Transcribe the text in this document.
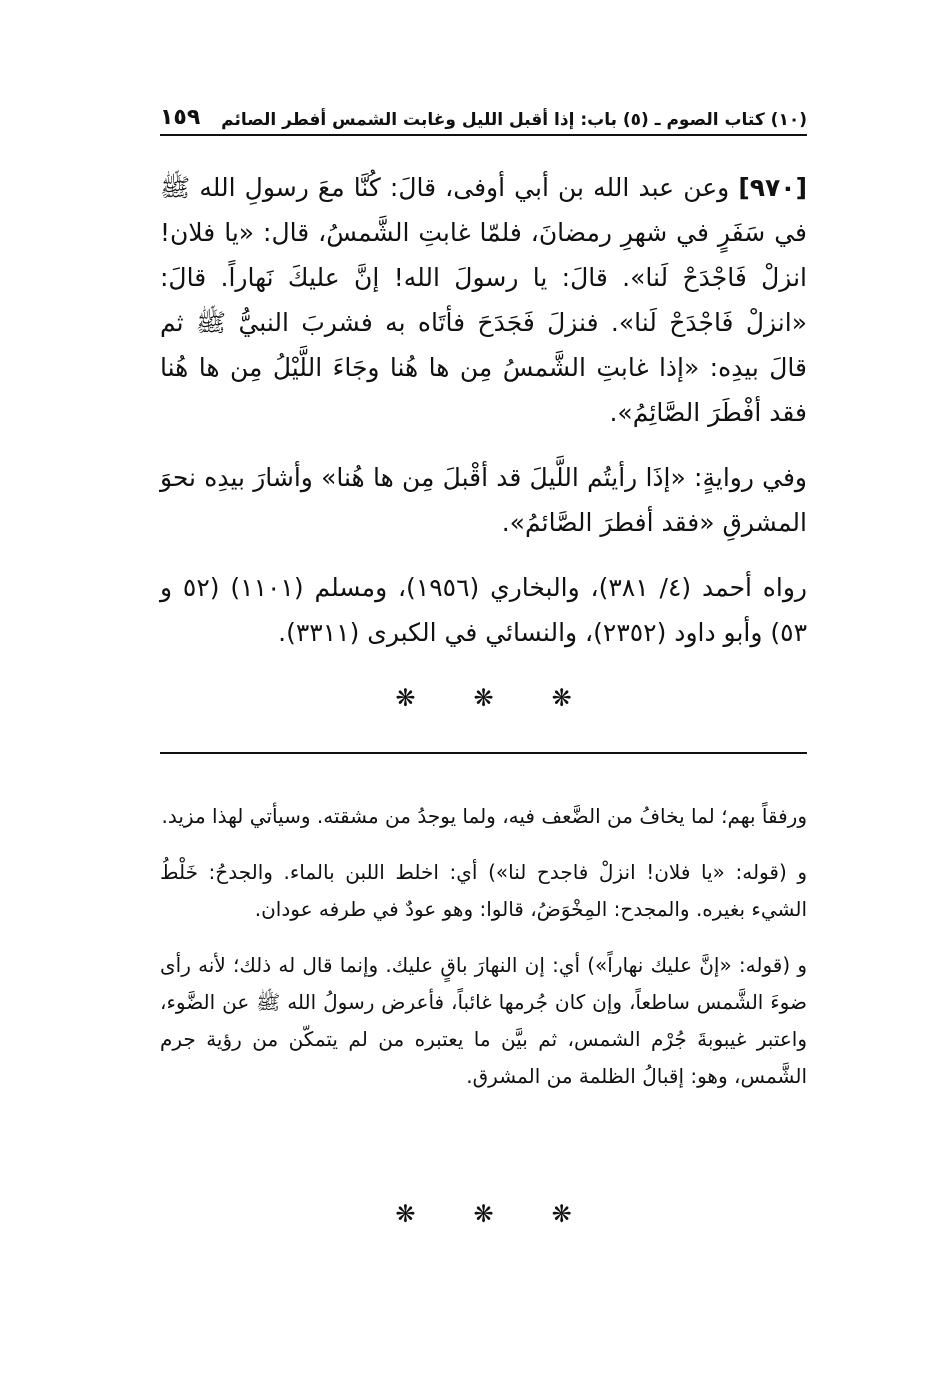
(١٠) كتاب الصوم ـ (٥) باب: إذا أقبل الليل وغابت الشمس أفطر الصائم
١٥٩

[٩٧٠] وعن عبد الله بن أبي أوفى، قالَ: كُنَّا معَ رسولِ الله ﷺ في سَفَرٍ في شهرِ رمضانَ، فلمّا غابتِ الشَّمسُ، قال: «يا فلان! انزلْ فَاجْدَحْ لَنا». قالَ: يا رسولَ الله! إنَّ عليكَ نَهاراً. قالَ: «انزلْ فَاجْدَحْ لَنا». فنزلَ فَجَدَحَ فأتَاه به فشربَ النبيُّ ﷺ ثم قالَ بيدِه: «إذا غابتِ الشَّمسُ مِن ها هُنا وجَاءَ اللَّيْلُ مِن ها هُنا فقد أفْطَرَ الصَّائِمُ».

وفي روايةٍ: «إذَا رأيتُم اللَّيلَ قد أقْبلَ مِن ها هُنا» وأشارَ بيدِه نحوَ المشرقِ «فقد أفطرَ الصَّائمُ».

رواه أحمد (٤/ ٣٨١)، والبخاري (١٩٥٦)، ومسلم (١١٠١) (٥٢ و ٥٣) وأبو داود (٢٣٥٢)، والنسائي في الكبرى (٣٣١١).

❋
❋
❋

ورفقاً بهم؛ لما يخافُ من الضَّعف فيه، ولما يوجدُ من مشقته. وسيأتي لهذا مزيد.

و (قوله: «يا فلان! انزلْ فاجدح لنا») أي: اخلط اللبن بالماء. والجدحُ: خَلْطُ الشيء بغيره. والمجدح: المِخْوَضُ، قالوا: وهو عودٌ في طرفه عودان.

و (قوله: «إنَّ عليك نهاراً») أي: إن النهارَ باقٍ عليك. وإنما قال له ذلك؛ لأنه رأى ضوءَ الشَّمس ساطعاً، وإن كان جُرمها غائباً، فأعرض رسولُ الله ﷺ عن الضَّوء، واعتبر غيبوبةَ جُرْم الشمس، ثم بيَّن ما يعتبره من لم يتمكّن من رؤية جرم الشَّمس، وهو: إقبالُ الظلمة من المشرق.

❋
❋
❋
